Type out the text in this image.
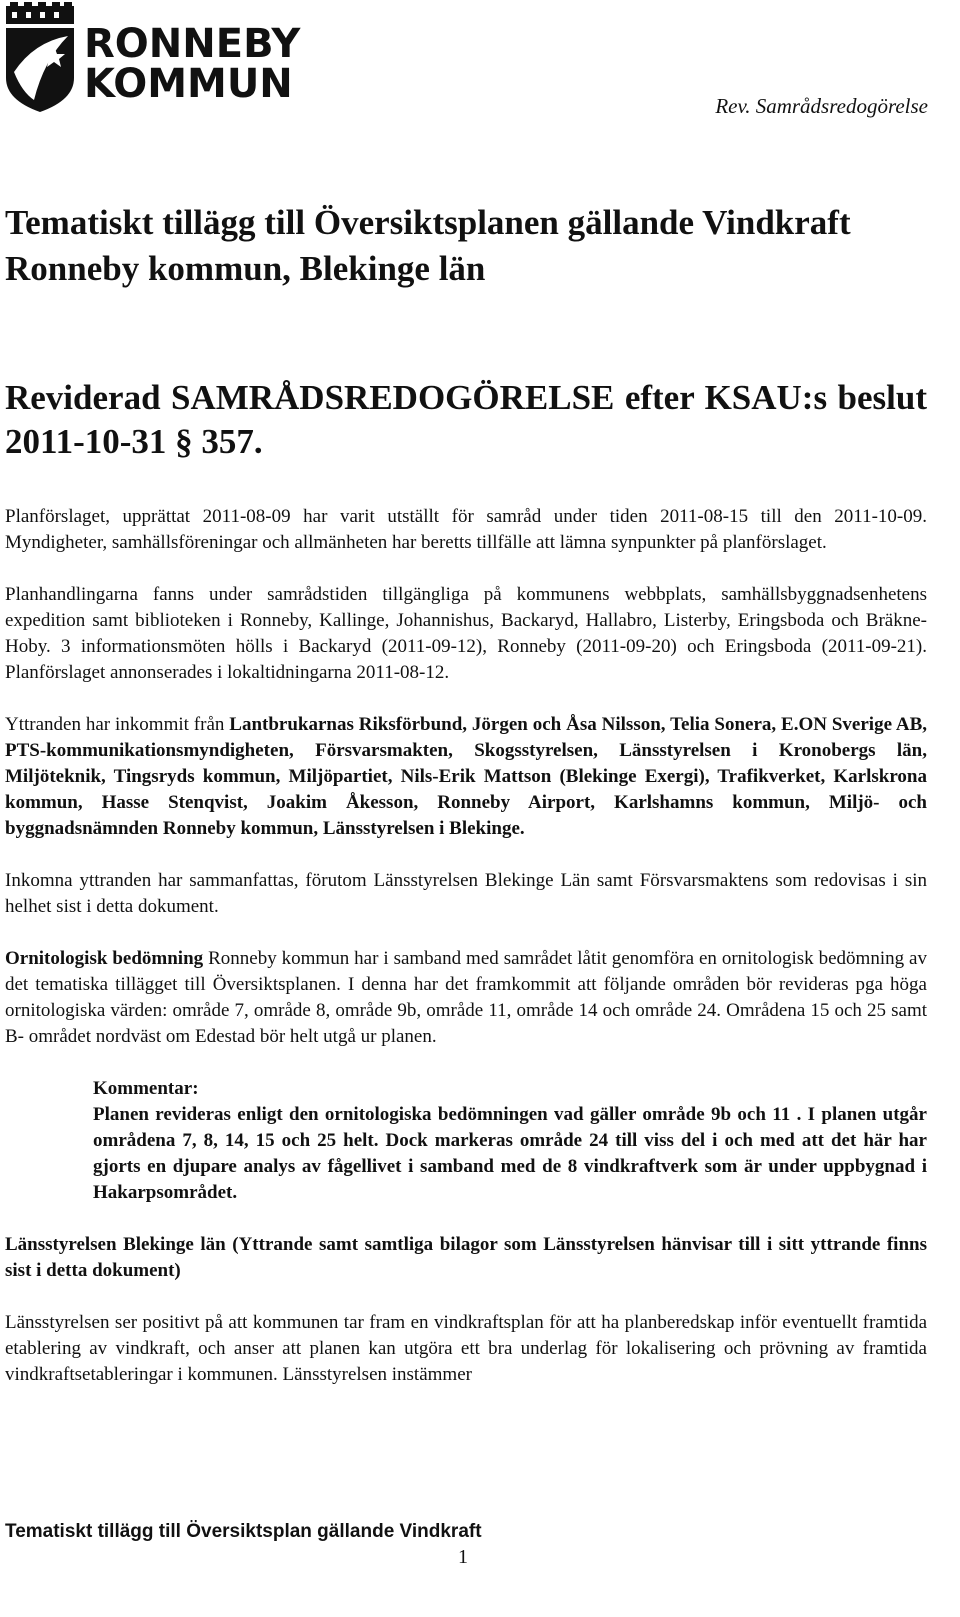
RONNEBY
KOMMUN	Rev. Samrådsredogörelse

Tematiskt tillägg till Översiktsplanen gällande Vindkraft Ronneby kommun, Blekinge län
Reviderad SAMRÅDSREDOGÖRELSE efter KSAU:s beslut 2011-10-31 § 357.

Planförslaget, upprättat 2011-08-09 har varit utställt för samråd under tiden 2011-08-15 till den 2011-10-09. Myndigheter, samhällsföreningar och allmänheten har beretts tillfälle att lämna synpunkter på planförslaget.

Planhandlingarna fanns under samrådstiden tillgängliga på kommunens webbplats, samhällsbyggnadsenhetens expedition samt biblioteken i Ronneby, Kallinge, Johannishus, Backaryd, Hallabro, Listerby, Eringsboda och Bräkne-Hoby. 3 informationsmöten hölls i Backaryd (2011-09-12), Ronneby (2011-09-20) och Eringsboda (2011-09-21). Planförslaget annonserades i lokaltidningarna 2011-08-12.

Yttranden har inkommit från Lantbrukarnas Riksförbund, Jörgen och Åsa Nilsson, Telia Sonera, E.ON Sverige AB, PTS-kommunikationsmyndigheten, Försvarsmakten, Skogsstyrelsen, Länsstyrelsen i Kronobergs län, Miljöteknik, Tingsryds kommun, Miljöpartiet, Nils-Erik Mattson (Blekinge Exergi), Trafikverket, Karlskrona kommun, Hasse Stenqvist, Joakim Åkesson, Ronneby Airport, Karlshamns kommun, Miljö- och byggnadsnämnden Ronneby kommun, Länsstyrelsen i Blekinge.

Inkomna yttranden har sammanfattas, förutom Länsstyrelsen Blekinge Län samt Försvarsmaktens som redovisas i sin helhet sist i detta dokument.

Ornitologisk bedömning Ronneby kommun har i samband med samrådet låtit genomföra en ornitologisk bedömning av det tematiska tillägget till Översiktsplanen. I denna har det framkommit att följande områden bör revideras pga höga ornitologiska värden: område 7, område 8, område 9b, område 11, område 14 och område 24. Områdena 15 och 25 samt B- området nordväst om Edestad bör helt utgå ur planen.

Kommentar:

Planen revideras enligt den ornitologiska bedömningen vad gäller område 9b och 11 . I planen utgår områdena 7, 8, 14, 15 och 25 helt. Dock markeras område 24 till viss del i och med att det här har gjorts en djupare analys av fågellivet i samband med de 8 vindkraftverk som är under uppbygnad i Hakarpsområdet.

Länsstyrelsen Blekinge län (Yttrande samt samtliga bilagor som Länsstyrelsen hänvisar till i sitt yttrande finns sist i detta dokument)

Länsstyrelsen ser positivt på att kommunen tar fram en vindkraftsplan för att ha planberedskap inför eventuellt framtida etablering av vindkraft, och anser att planen kan utgöra ett bra underlag för lokalisering och prövning av framtida vindkraftsetableringar i kommunen. Länsstyrelsen instämmer

Tematiskt tillägg till Översiktsplan gällande Vindkraft

1
